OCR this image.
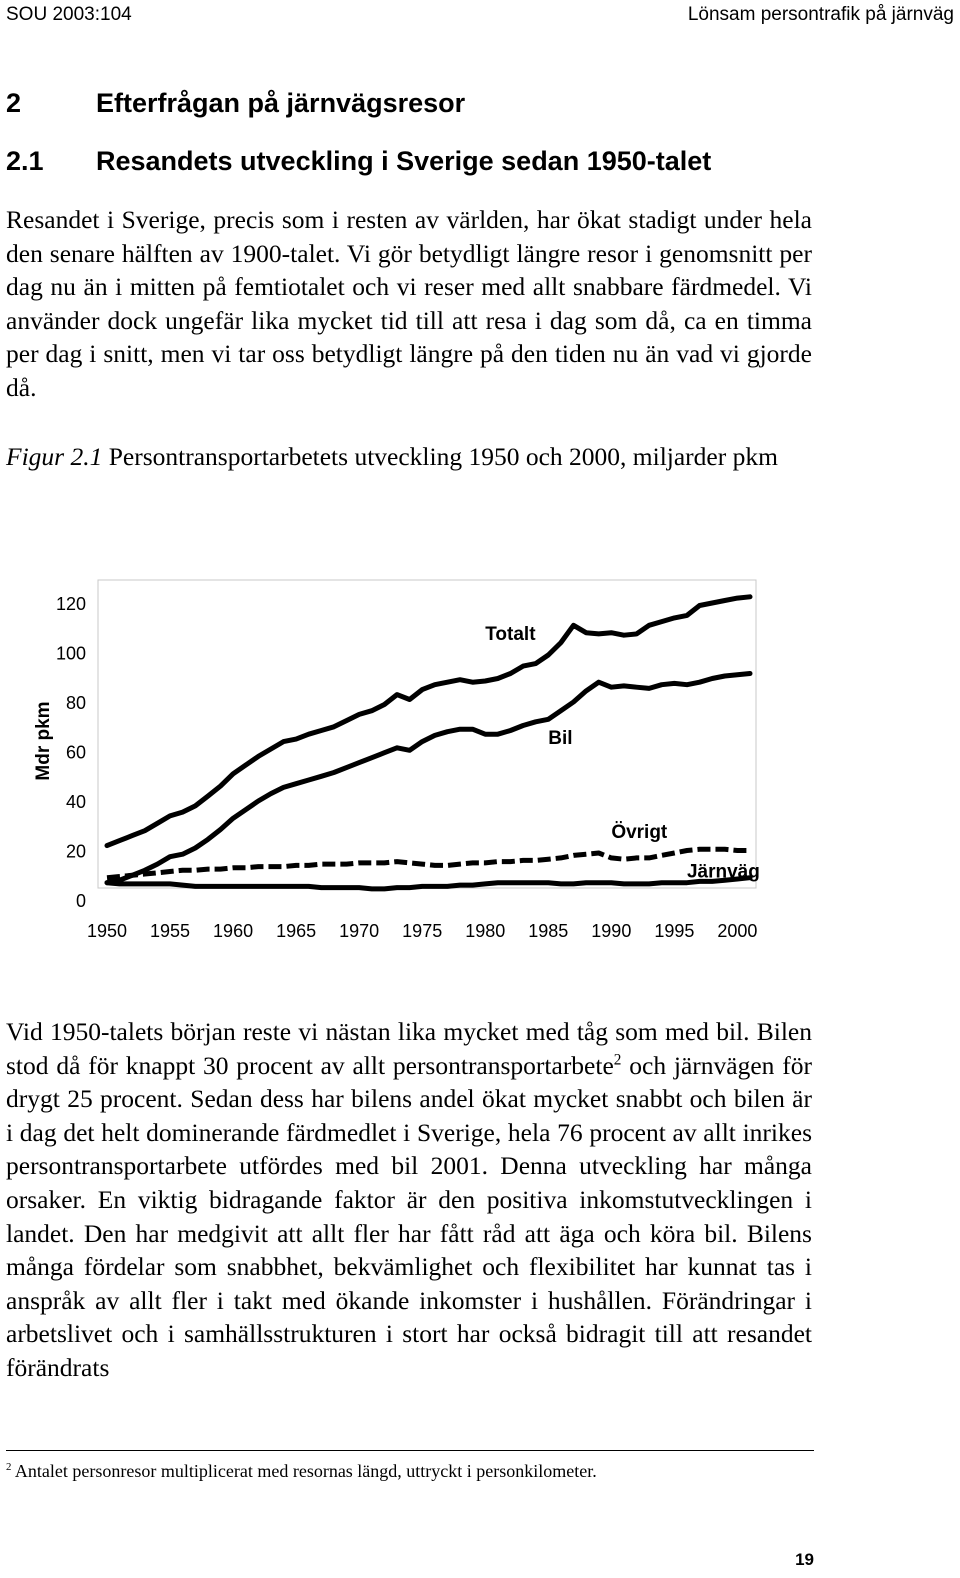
SOU 2003:104	Lönsam persontrafik på järnväg
2	Efterfrågan på järnvägsresor
2.1 Resandets utveckling i Sverige sedan 1950-talet

Resandet i Sverige, precis som i resten av världen, har ökat stadigt under hela den senare hälften av 1900-talet. Vi gör betydligt längre resor i genomsnitt per dag nu än i mitten på femtiotalet och vi reser med allt snabbare färdmedel. Vi använder dock ungefär lika mycket tid till att resa i dag som då, ca en timma per dag i snitt, men vi tar oss betydligt längre på den tiden nu än vad vi gjorde då.

Figur 2.1 Persontransportarbetets utveckling 1950 och 2000, miljarder pkm

0
20
40
60
80
100
120
1950 1955 1960 1965 1970 1975 1980 1985 1990 1995 2000
Totalt
Bil
Övrigt
Järnväg
Mdr pkm

Vid 1950-talets början reste vi nästan lika mycket med tåg som med bil. Bilen stod då för knappt 30 procent av allt persontransportarbete$^2$ och järnvägen för drygt 25 procent. Sedan dess har bilens andel ökat mycket snabbt och bilen är i dag det helt dominerande färdmedlet i Sverige, hela 76 procent av allt inrikes persontransportarbete utfördes med bil 2001. Denna utveckling har många orsaker. En viktig bidragande faktor är den positiva inkomstutvecklingen i landet. Den har medgivit att allt fler har fått råd att äga och köra bil. Bilens många fördelar som snabbhet, bekvämlighet och flexibilitet har kunnat tas i anspråk av allt fler i takt med ökande inkomster i hushållen. Förändringar i arbetslivet och i samhällsstrukturen i stort har också bidragit till att resandet förändrats

$^2$ Antalet personresor multiplicerat med resornas längd, uttryckt i personkilometer.
19
